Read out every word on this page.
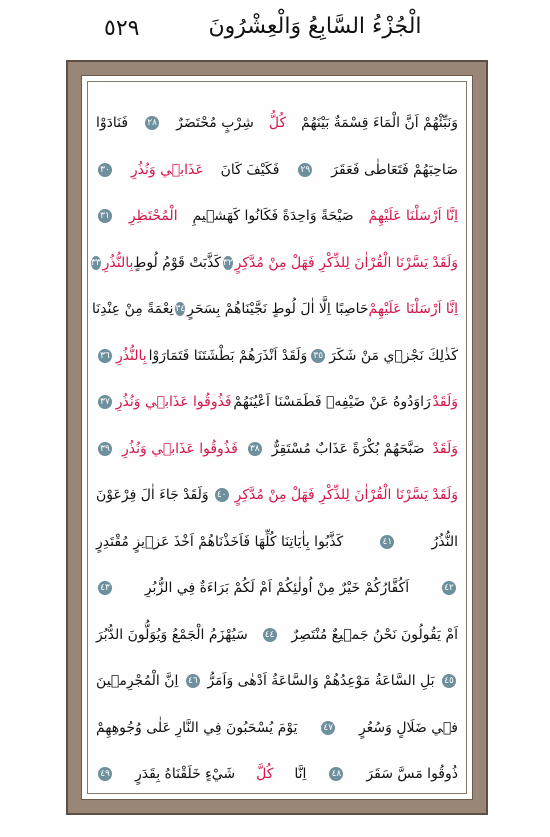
٥٢٩	الْجُزْءُ السَّابِعُ وَالْعِشْرُونَ
وَنَبِّئْهُمْ اَنَّ الْمَاءَ قِسْمَةٌ بَيْنَهُمْ
كُلُّ
شِرْبٍ مُحْتَضَرٌ
٢٨
فَنَادَوْا
صَاحِبَهُمْ فَتَعَاطٰى فَعَقَرَ
٢٩
فَكَيْفَ كَانَ
عَذَابٖي وَنُذُرِ
٣٠
اِنَّا اَرْسَلْنَا عَلَيْهِمْ
صَيْحَةً وَاحِدَةً فَكَانُوا كَهَشٖيمِ
الْمُحْتَظِرِ
٣١
وَلَقَدْ يَسَّرْنَا الْقُرْاٰنَ لِلذِّكْرِ فَهَلْ مِنْ مُدَّكِرٍ
٣٢
كَذَّبَتْ قَوْمُ لُوطٍ
بِالنُّذُرِ
٣٣
اِنَّا اَرْسَلْنَا عَلَيْهِمْ
حَاصِبًا اِلَّا اٰلَ لُوطٍ نَجَّيْنَاهُمْ بِسَحَرٍ
٣٤
نِعْمَةً مِنْ عِنْدِنَا
كَذٰلِكَ نَجْزٖي مَنْ شَكَرَ
٣٥
وَلَقَدْ اَنْذَرَهُمْ بَطْشَتَنَا فَتَمَارَوْا
بِالنُّذُرِ
٣٦
وَلَقَدْ
رَاوَدُوهُ عَنْ ضَيْفِهٖ فَطَمَسْنَا اَعْيُنَهُمْ
فَذُوقُوا عَذَابٖي وَنُذُرِ
٣٧
وَلَقَدْ
صَبَّحَهُمْ بُكْرَةً عَذَابٌ مُسْتَقِرٌّ
٣٨
فَذُوقُوا عَذَابٖي وَنُذُرِ
٣٩
وَلَقَدْ يَسَّرْنَا الْقُرْاٰنَ لِلذِّكْرِ فَهَلْ مِنْ مُدَّكِرٍ
٤٠
وَلَقَدْ جَاءَ اٰلَ فِرْعَوْنَ
النُّذُرُ
٤١
كَذَّبُوا بِاٰيَاتِنَا كُلِّهَا فَاَخَذْنَاهُمْ اَخْذَ عَزٖيزٍ مُقْتَدِرٍ
٤٢
اَكُفَّارُكُمْ خَيْرٌ مِنْ اُولٰئِكُمْ اَمْ لَكُمْ بَرَاءَةٌ فِي الزُّبُرِ
٤٣
اَمْ يَقُولُونَ نَحْنُ جَمٖيعٌ مُنْتَصِرٌ
٤٤
سَيُهْزَمُ الْجَمْعُ وَيُوَلُّونَ الدُّبُرَ
٤٥
بَلِ السَّاعَةُ مَوْعِدُهُمْ وَالسَّاعَةُ اَدْهٰى وَاَمَرُّ
٤٦
اِنَّ الْمُجْرِمٖينَ
فٖي ضَلَالٍ وَسُعُرٍ
٤٧
يَوْمَ يُسْحَبُونَ فِي النَّارِ عَلٰى وُجُوهِهِمْ
ذُوقُوا مَسَّ سَقَرَ
٤٨
اِنَّا
كُلَّ
شَيْءٍ خَلَقْنَاهُ بِقَدَرٍ
٤٩
